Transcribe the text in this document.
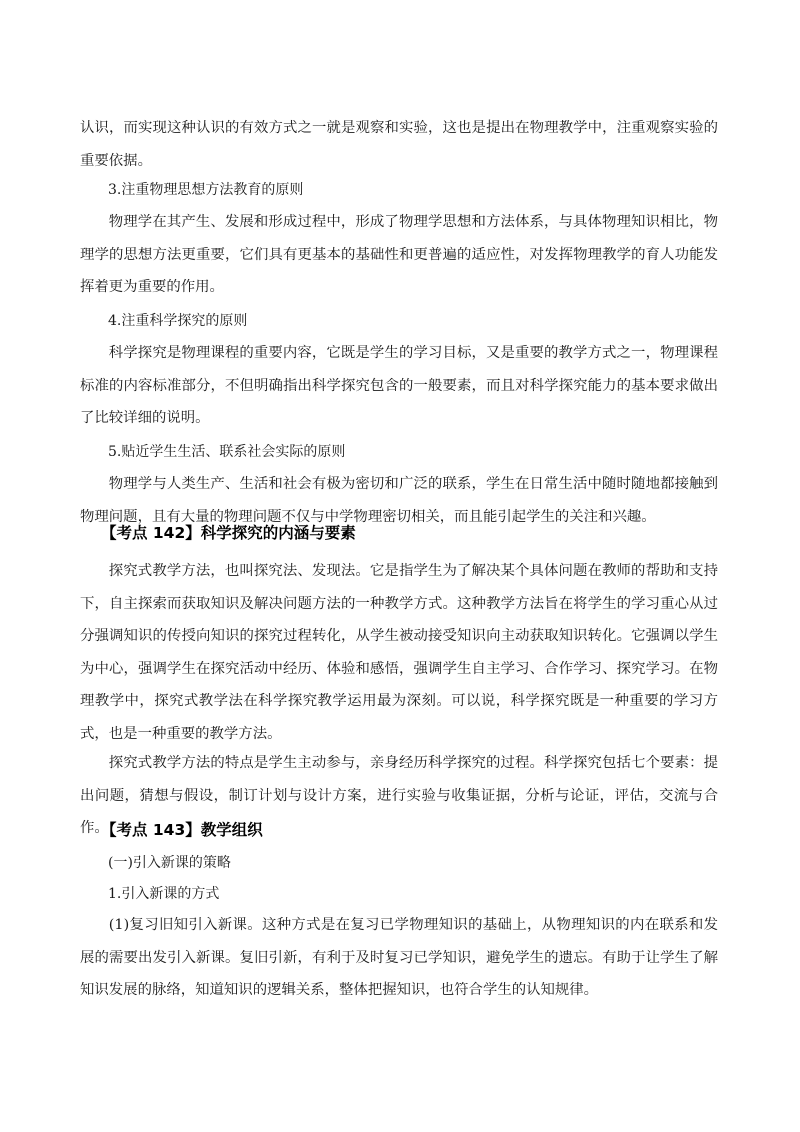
认识，而实现这种认识的有效方式之一就是观察和实验，这也是提出在物理教学中，注重观察实验的重要依据。

3.注重物理思想方法教育的原则

物理学在其产生、发展和形成过程中，形成了物理学思想和方法体系，与具体物理知识相比，物理学的思想方法更重要，它们具有更基本的基础性和更普遍的适应性，对发挥物理教学的育人功能发挥着更为重要的作用。

4.注重科学探究的原则

科学探究是物理课程的重要内容，它既是学生的学习目标，又是重要的教学方式之一，物理课程标准的内容标准部分，不但明确指出科学探究包含的一般要素，而且对科学探究能力的基本要求做出了比较详细的说明。

5.贴近学生生活、联系社会实际的原则

物理学与人类生产、生活和社会有极为密切和广泛的联系，学生在日常生活中随时随地都接触到物理问题，且有大量的物理问题不仅与中学物理密切相关，而且能引起学生的关注和兴趣。

【考点 142】科学探究的内涵与要素

探究式教学方法，也叫探究法、发现法。它是指学生为了解决某个具体问题在教师的帮助和支持下，自主探索而获取知识及解决问题方法的一种教学方式。这种教学方法旨在将学生的学习重心从过分强调知识的传授向知识的探究过程转化，从学生被动接受知识向主动获取知识转化。它强调以学生为中心，强调学生在探究活动中经历、体验和感悟，强调学生自主学习、合作学习、探究学习。在物理教学中，探究式教学法在科学探究教学运用最为深刻。可以说，科学探究既是一种重要的学习方式，也是一种重要的教学方法。

探究式教学方法的特点是学生主动参与，亲身经历科学探究的过程。科学探究包括七个要素：提出问题，猜想与假设，制订计划与设计方案，进行实验与收集证据，分析与论证，评估，交流与合作。

【考点 143】教学组织

(一)引入新课的策略

1.引入新课的方式

(1)复习旧知引入新课。这种方式是在复习已学物理知识的基础上，从物理知识的内在联系和发展的需要出发引入新课。复旧引新，有利于及时复习已学知识，避免学生的遗忘。有助于让学生了解知识发展的脉络，知道知识的逻辑关系，整体把握知识，也符合学生的认知规律。
